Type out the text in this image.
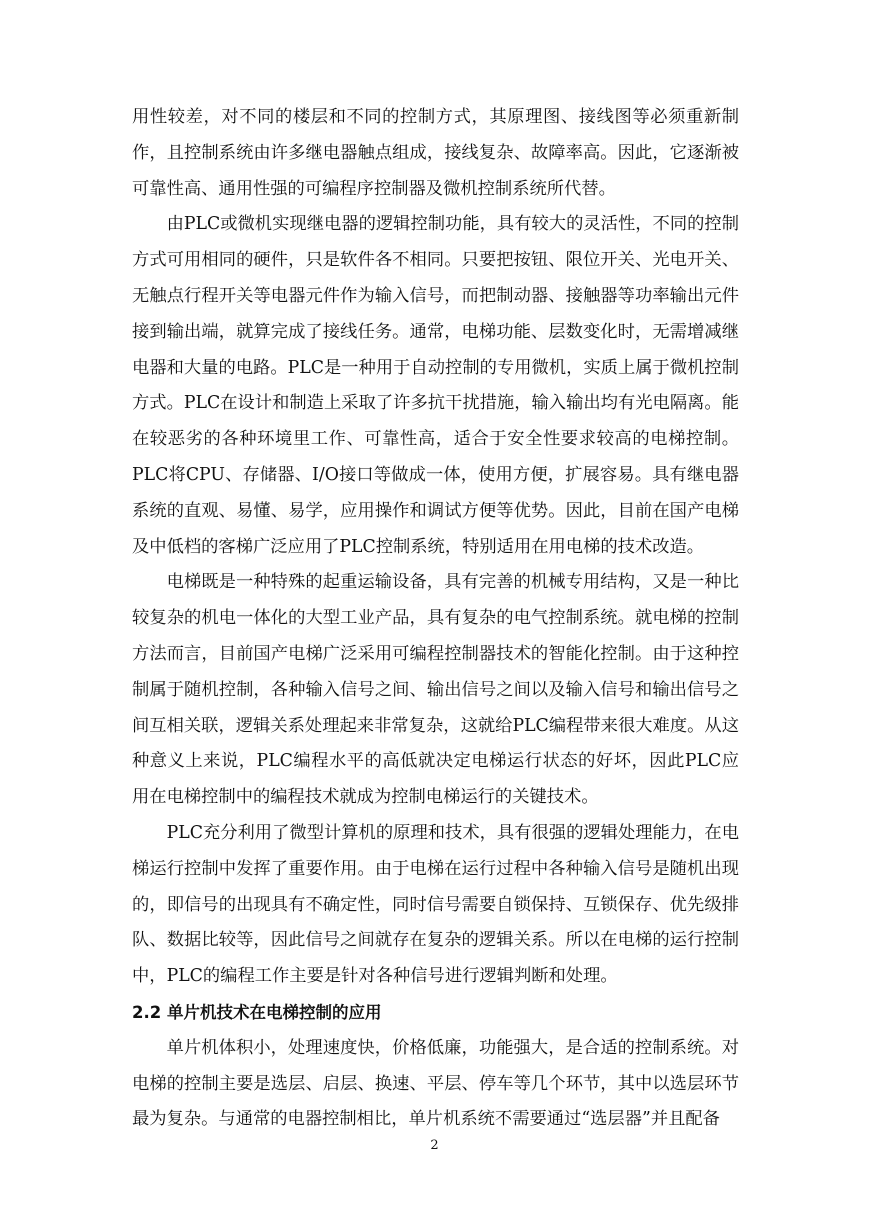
用性较差，对不同的楼层和不同的控制方式，其原理图、接线图等必须重新制作，且控制系统由许多继电器触点组成，接线复杂、故障率高。因此，它逐渐被可靠性高、通用性强的可编程序控制器及微机控制系统所代替。

由PLC或微机实现继电器的逻辑控制功能，具有较大的灵活性，不同的控制方式可用相同的硬件，只是软件各不相同。只要把按钮、限位开关、光电开关、无触点行程开关等电器元件作为输入信号，而把制动器、接触器等功率输出元件接到输出端，就算完成了接线任务。通常，电梯功能、层数变化时，无需增减继电器和大量的电路。PLC是一种用于自动控制的专用微机，实质上属于微机控制方式。PLC在设计和制造上采取了许多抗干扰措施，输入输出均有光电隔离。能在较恶劣的各种环境里工作、可靠性高，适合于安全性要求较高的电梯控制。PLC将CPU、存储器、I/O接口等做成一体，使用方便，扩展容易。具有继电器系统的直观、易懂、易学，应用操作和调试方便等优势。因此，目前在国产电梯及中低档的客梯广泛应用了PLC控制系统，特别适用在用电梯的技术改造。

电梯既是一种特殊的起重运输设备，具有完善的机械专用结构，又是一种比较复杂的机电一体化的大型工业产品，具有复杂的电气控制系统。就电梯的控制方法而言，目前国产电梯广泛采用可编程控制器技术的智能化控制。由于这种控制属于随机控制，各种输入信号之间、输出信号之间以及输入信号和输出信号之间互相关联，逻辑关系处理起来非常复杂，这就给PLC编程带来很大难度。从这种意义上来说，PLC编程水平的高低就决定电梯运行状态的好坏，因此PLC应用在电梯控制中的编程技术就成为控制电梯运行的关键技术。

PLC充分利用了微型计算机的原理和技术，具有很强的逻辑处理能力，在电梯运行控制中发挥了重要作用。由于电梯在运行过程中各种输入信号是随机出现的，即信号的出现具有不确定性，同时信号需要自锁保持、互锁保存、优先级排队、数据比较等，因此信号之间就存在复杂的逻辑关系。所以在电梯的运行控制中，PLC的编程工作主要是针对各种信号进行逻辑判断和处理。

2.2 单片机技术在电梯控制的应用

单片机体积小，处理速度快，价格低廉，功能强大，是合适的控制系统。对电梯的控制主要是选层、启层、换速、平层、停车等几个环节，其中以选层环节最为复杂。与通常的电器控制相比，单片机系统不需要通过“选层器”并且配备

2
